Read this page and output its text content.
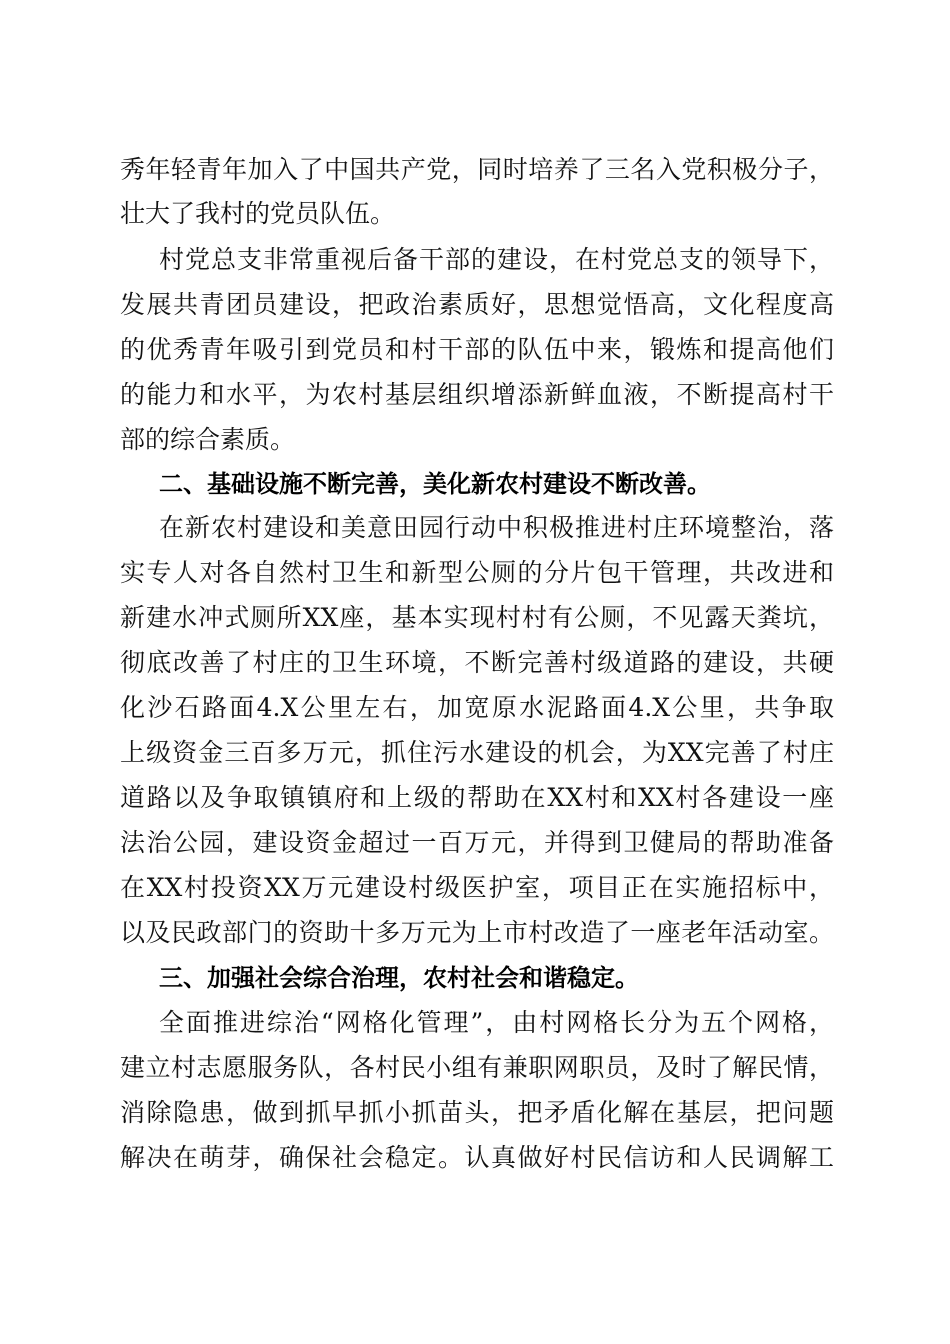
秀年轻青年加入了中国共产党，同时培养了三名入党积极分子，
壮大了我村的党员队伍。
村党总支非常重视后备干部的建设，在村党总支的领导下，
发展共青团员建设，把政治素质好，思想觉悟高，文化程度高
的优秀青年吸引到党员和村干部的队伍中来，锻炼和提高他们
的能力和水平，为农村基层组织增添新鲜血液，不断提高村干
部的综合素质。
二、基础设施不断完善，美化新农村建设不断改善。
在新农村建设和美意田园行动中积极推进村庄环境整治，落
实专人对各自然村卫生和新型公厕的分片包干管理，共改进和
新建水冲式厕所XX座，基本实现村村有公厕，不见露天粪坑，
彻底改善了村庄的卫生环境，不断完善村级道路的建设，共硬
化沙石路面4.X公里左右，加宽原水泥路面4.X公里，共争取
上级资金三百多万元，抓住污水建设的机会，为XX完善了村庄
道路以及争取镇镇府和上级的帮助在XX村和XX村各建设一座
法治公园，建设资金超过一百万元，并得到卫健局的帮助准备
在XX村投资XX万元建设村级医护室，项目正在实施招标中，
以及民政部门的资助十多万元为上市村改造了一座老年活动室。
三、加强社会综合治理，农村社会和谐稳定。
全面推进综治“网格化管理”，由村网格长分为五个网格，
建立村志愿服务队，各村民小组有兼职网职员，及时了解民情，
消除隐患，做到抓早抓小抓苗头，把矛盾化解在基层，把问题
解决在萌芽，确保社会稳定。认真做好村民信访和人民调解工
